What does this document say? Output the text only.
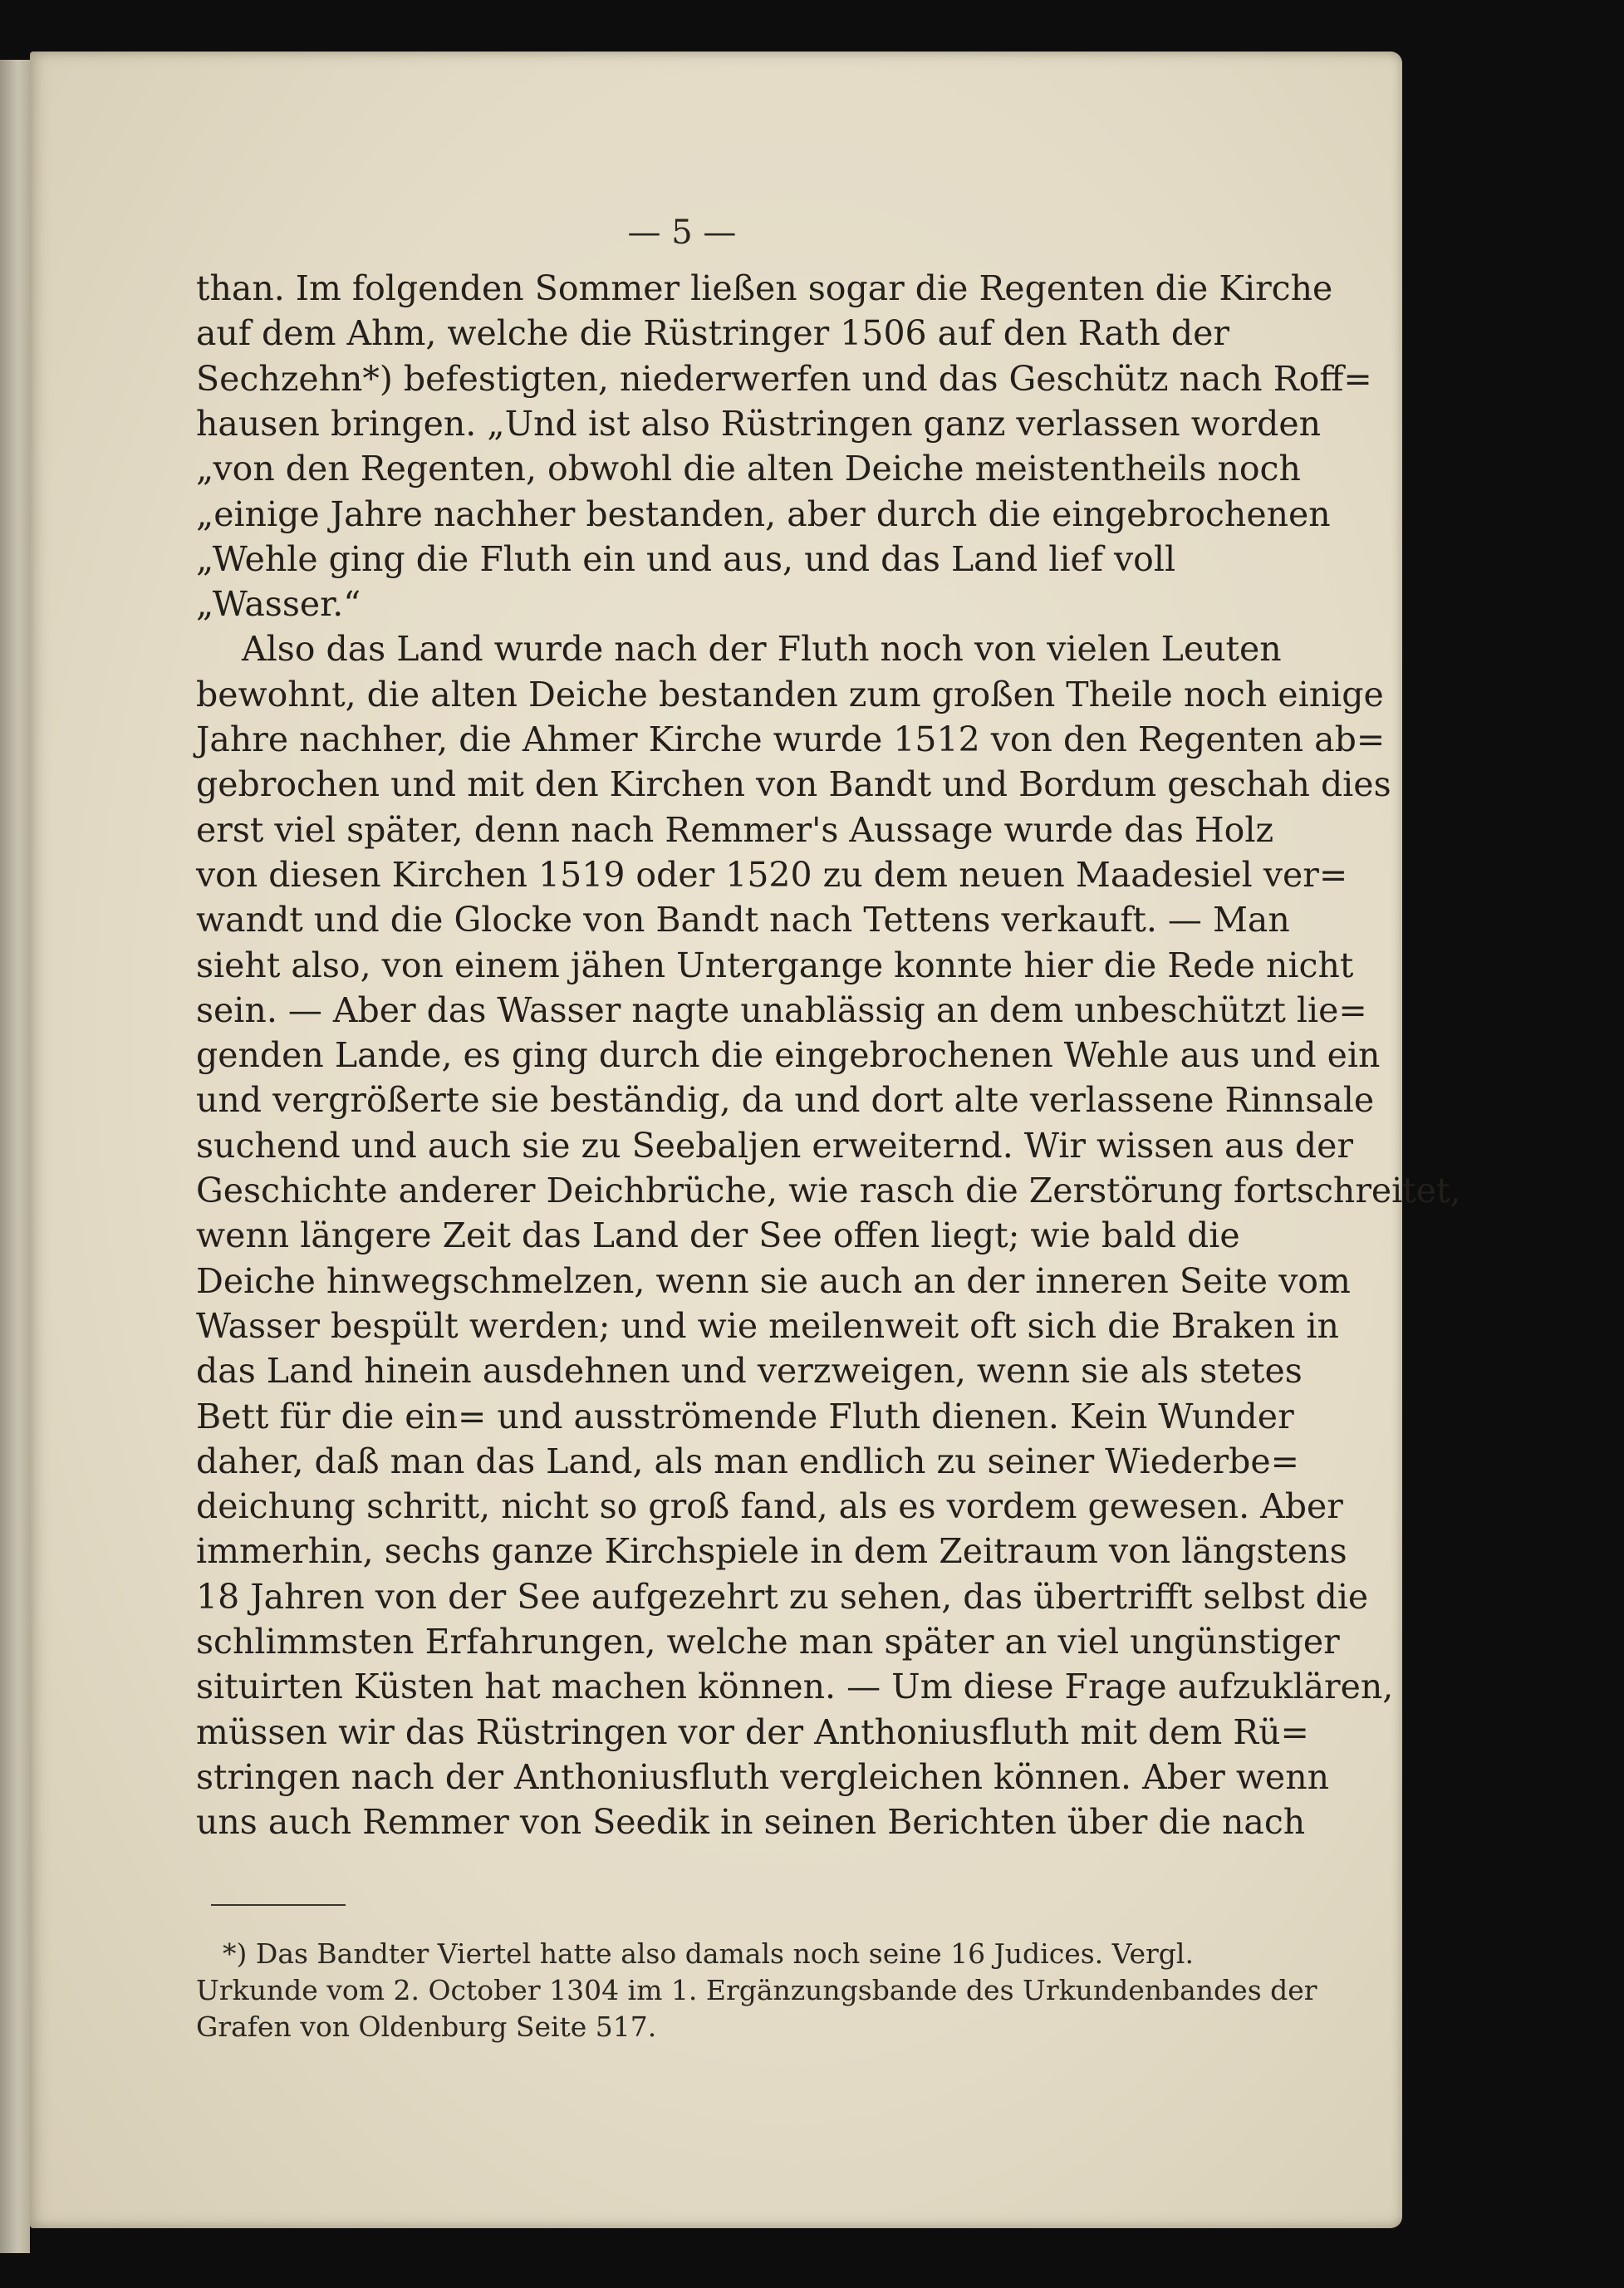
— 5 —
than. Im folgenden Sommer ließen sogar die Regenten die Kirche
auf dem Ahm, welche die Rüstringer 1506 auf den Rath der
Sechzehn*) befestigten, niederwerfen und das Geschütz nach Roff=
hausen bringen. „Und ist also Rüstringen ganz verlassen worden
„von den Regenten, obwohl die alten Deiche meistentheils noch
„einige Jahre nachher bestanden, aber durch die eingebrochenen
„Wehle ging die Fluth ein und aus, und das Land lief voll
„Wasser.“
Also das Land wurde nach der Fluth noch von vielen Leuten
bewohnt, die alten Deiche bestanden zum großen Theile noch einige
Jahre nachher, die Ahmer Kirche wurde 1512 von den Regenten ab=
gebrochen und mit den Kirchen von Bandt und Bordum geschah dies
erst viel später, denn nach Remmer's Aussage wurde das Holz
von diesen Kirchen 1519 oder 1520 zu dem neuen Maadesiel ver=
wandt und die Glocke von Bandt nach Tettens verkauft. — Man
sieht also, von einem jähen Untergange konnte hier die Rede nicht
sein. — Aber das Wasser nagte unablässig an dem unbeschützt lie=
genden Lande, es ging durch die eingebrochenen Wehle aus und ein
und vergrößerte sie beständig, da und dort alte verlassene Rinnsale
suchend und auch sie zu Seebaljen erweiternd. Wir wissen aus der
Geschichte anderer Deichbrüche, wie rasch die Zerstörung fortschreitet,
wenn längere Zeit das Land der See offen liegt; wie bald die
Deiche hinwegschmelzen, wenn sie auch an der inneren Seite vom
Wasser bespült werden; und wie meilenweit oft sich die Braken in
das Land hinein ausdehnen und verzweigen, wenn sie als stetes
Bett für die ein= und ausströmende Fluth dienen. Kein Wunder
daher, daß man das Land, als man endlich zu seiner Wiederbe=
deichung schritt, nicht so groß fand, als es vordem gewesen. Aber
immerhin, sechs ganze Kirchspiele in dem Zeitraum von längstens
18 Jahren von der See aufgezehrt zu sehen, das übertrifft selbst die
schlimmsten Erfahrungen, welche man später an viel ungünstiger
situirten Küsten hat machen können. — Um diese Frage aufzuklären,
müssen wir das Rüstringen vor der Anthoniusfluth mit dem Rü=
stringen nach der Anthoniusfluth vergleichen können. Aber wenn
uns auch Remmer von Seedik in seinen Berichten über die nach
*) Das Bandter Viertel hatte also damals noch seine 16 Judices. Vergl.
Urkunde vom 2. October 1304 im 1. Ergänzungsbande des Urkundenbandes der
Grafen von Oldenburg Seite 517.
